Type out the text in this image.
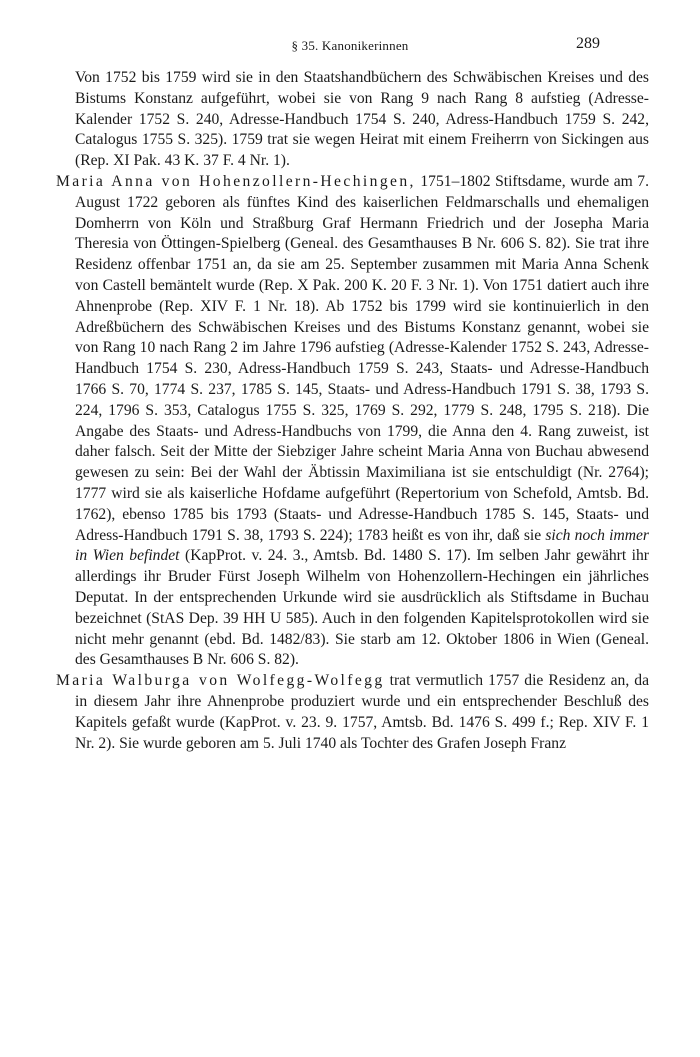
§ 35. Kanonikerinnen	289

Von 1752 bis 1759 wird sie in den Staatshandbüchern des Schwäbischen Kreises und des Bistums Konstanz aufgeführt, wobei sie von Rang 9 nach Rang 8 aufstieg (Adresse-Kalender 1752 S. 240, Adresse-Handbuch 1754 S. 240, Adress-Handbuch 1759 S. 242, Catalogus 1755 S. 325). 1759 trat sie wegen Heirat mit einem Freiherrn von Sickingen aus (Rep. XI Pak. 43 K. 37 F. 4 Nr. 1).

Maria Anna von Hohenzollern-Hechingen, 1751–1802 Stiftsdame, wurde am 7. August 1722 geboren als fünftes Kind des kaiserlichen Feldmarschalls und ehemaligen Domherrn von Köln und Straßburg Graf Hermann Friedrich und der Josepha Maria Theresia von Öttingen-Spielberg (Geneal. des Gesamthauses B Nr. 606 S. 82). Sie trat ihre Residenz offenbar 1751 an, da sie am 25. September zusammen mit Maria Anna Schenk von Castell bemäntelt wurde (Rep. X Pak. 200 K. 20 F. 3 Nr. 1). Von 1751 datiert auch ihre Ahnenprobe (Rep. XIV F. 1 Nr. 18). Ab 1752 bis 1799 wird sie kontinuierlich in den Adreßbüchern des Schwäbischen Kreises und des Bistums Konstanz genannt, wobei sie von Rang 10 nach Rang 2 im Jahre 1796 aufstieg (Adresse-Kalender 1752 S. 243, Adresse-Handbuch 1754 S. 230, Adress-Handbuch 1759 S. 243, Staats- und Adresse-Handbuch 1766 S. 70, 1774 S. 237, 1785 S. 145, Staats- und Adress-Handbuch 1791 S. 38, 1793 S. 224, 1796 S. 353, Catalogus 1755 S. 325, 1769 S. 292, 1779 S. 248, 1795 S. 218). Die Angabe des Staats- und Adress-Handbuchs von 1799, die Anna den 4. Rang zuweist, ist daher falsch. Seit der Mitte der Siebziger Jahre scheint Maria Anna von Buchau abwesend gewesen zu sein: Bei der Wahl der Äbtissin Maximiliana ist sie entschuldigt (Nr. 2764); 1777 wird sie als kaiserliche Hofdame aufgeführt (Repertorium von Schefold, Amtsb. Bd. 1762), ebenso 1785 bis 1793 (Staats- und Adresse-Handbuch 1785 S. 145, Staats- und Adress-Handbuch 1791 S. 38, 1793 S. 224); 1783 heißt es von ihr, daß sie sich noch immer in Wien befindet (KapProt. v. 24. 3., Amtsb. Bd. 1480 S. 17). Im selben Jahr gewährt ihr allerdings ihr Bruder Fürst Joseph Wilhelm von Hohenzollern-Hechingen ein jährliches Deputat. In der entsprechenden Urkunde wird sie ausdrücklich als Stiftsdame in Buchau bezeichnet (StAS Dep. 39 HH U 585). Auch in den folgenden Kapitelsprotokollen wird sie nicht mehr genannt (ebd. Bd. 1482/83). Sie starb am 12. Oktober 1806 in Wien (Geneal. des Gesamthauses B Nr. 606 S. 82).

Maria Walburga von Wolfegg-Wolfegg trat vermutlich 1757 die Residenz an, da in diesem Jahr ihre Ahnenprobe produziert wurde und ein entsprechender Beschluß des Kapitels gefaßt wurde (KapProt. v. 23. 9. 1757, Amtsb. Bd. 1476 S. 499 f.; Rep. XIV F. 1 Nr. 2). Sie wurde geboren am 5. Juli 1740 als Tochter des Grafen Joseph Franz
